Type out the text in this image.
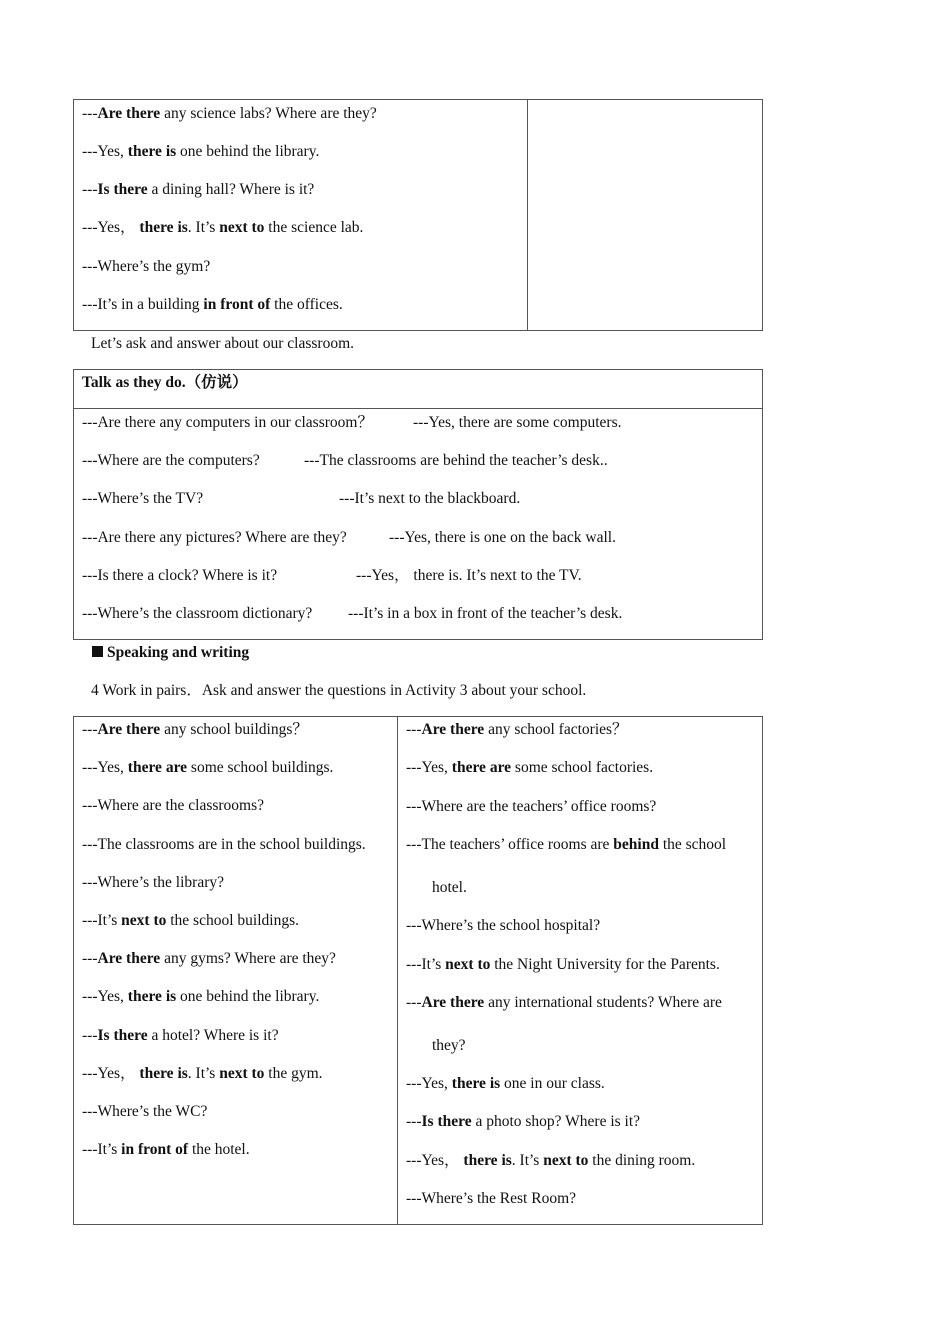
---Are there any science labs? Where are they?
---Yes, there is one behind the library.
---Is there a dining hall? Where is it?
---Yes， there is. It’s next to the science lab.
---Where’s the gym?
---It’s in a building in front of the offices.
Let’s ask and answer about our classroom.
Talk as they do.（仿说）
---Are there any computers in our classroom？	---Yes, there are some computers.
---Where are the computers?	---The classrooms are behind the teacher’s desk..
---Where’s the TV?	---It’s next to the blackboard.
---Are there any pictures? Where are they?	---Yes, there is one on the back wall.
---Is there a clock? Where is it?	---Yes， there is. It’s next to the TV.
---Where’s the classroom dictionary? ---It’s in a box in front of the teacher’s desk.
Speaking and writing
4 Work in pairs．Ask and answer the questions in Activity 3 about your school.
---Are there any school buildings？
---Yes, there are some school buildings.
---Where are the classrooms?
---The classrooms are in the school buildings.
---Where’s the library?
---It’s next to the school buildings.
---Are there any gyms? Where are they?
---Yes, there is one behind the library.
---Is there a hotel? Where is it?
---Yes， there is. It’s next to the gym.
---Where’s the WC?
---It’s in front of the hotel.
---Are there any school factories？
---Yes, there are some school factories.
---Where are the teachers’ office rooms?
---The teachers’ office rooms are behind the school
hotel.
---Where’s the school hospital?
---It’s next to the Night University for the Parents.
---Are there any international students? Where are
they?
---Yes, there is one in our class.
---Is there a photo shop? Where is it?
---Yes， there is. It’s next to the dining room.
---Where’s the Rest Room?
